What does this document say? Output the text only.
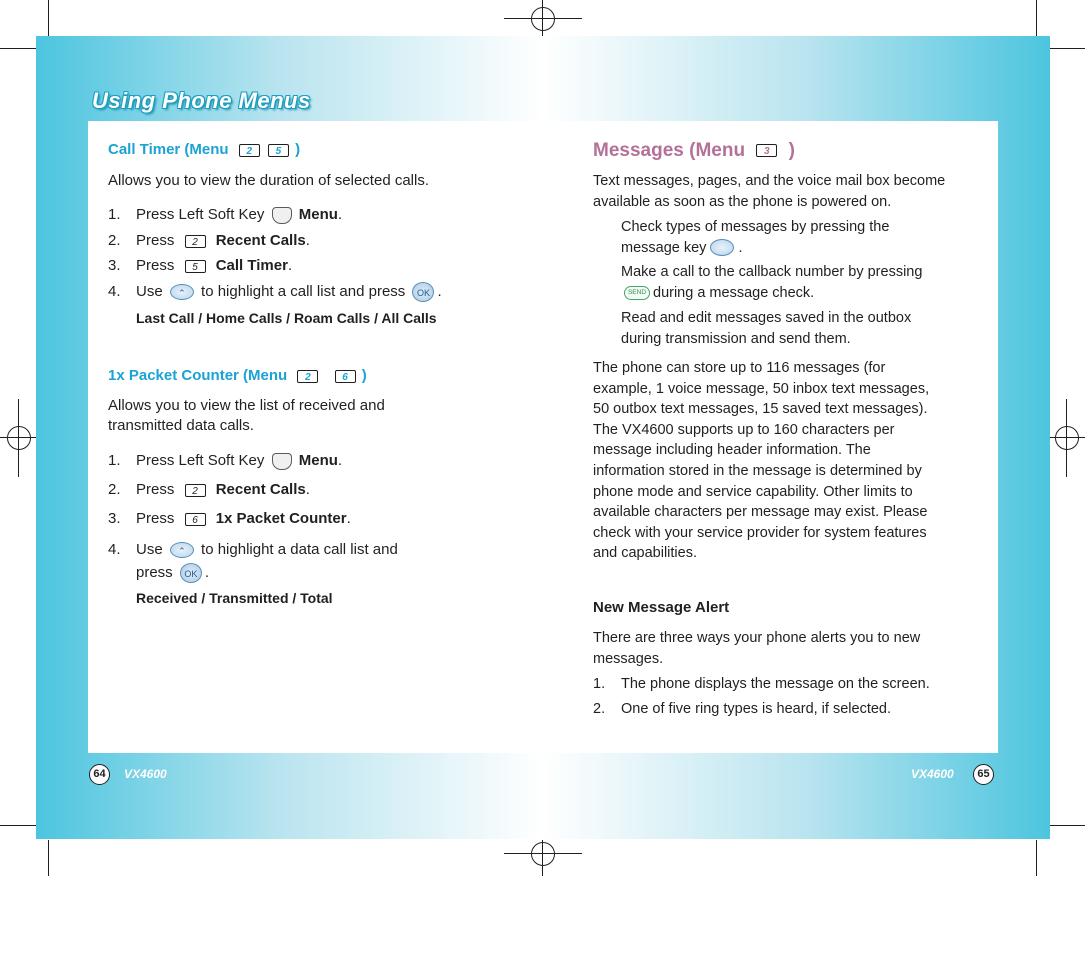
Using Phone Menus
Call Timer (Menu 2 5 )
Allows you to view the duration of selected calls.
1. Press Left Soft Key Menu.
2. Press 2 Recent Calls.
3. Press 5 Call Timer.
4. Use ⌃	to highlight a call list and press OK .
Last Call / Home Calls / Roam Calls / All Calls
1x Packet Counter (Menu 2	6 )
Allows you to view the list of received and
transmitted data calls.
1. Press Left Soft Key Menu.
2. Press 2 Recent Calls.
3. Press 6 1x Packet Counter.
4. Use ⌃	to highlight a data call list and
press OK .
Received / Transmitted / Total
Messages (Menu 3 )
Text messages, pages, and the voice mail box become
available as soon as the phone is powered on.
Check types of messages by pressing the
message key .
Make a call to the callback number by pressing
SEND during a message check.
Read and edit messages saved in the outbox
during transmission and send them.
The phone can store up to 116 messages (for
example, 1 voice message, 50 inbox text messages,
50 outbox text messages, 15 saved text messages).
The VX4600 supports up to 160 characters per
message including header information. The
information stored in the message is determined by
phone mode and service capability. Other limits to
available characters per message may exist. Please
check with your service provider for system features
and capabilities.
New Message Alert
There are three ways your phone alerts you to new
messages.
1. The phone displays the message on the screen.
2. One of five ring types is heard, if selected.
64	VX4600	VX4600	65
